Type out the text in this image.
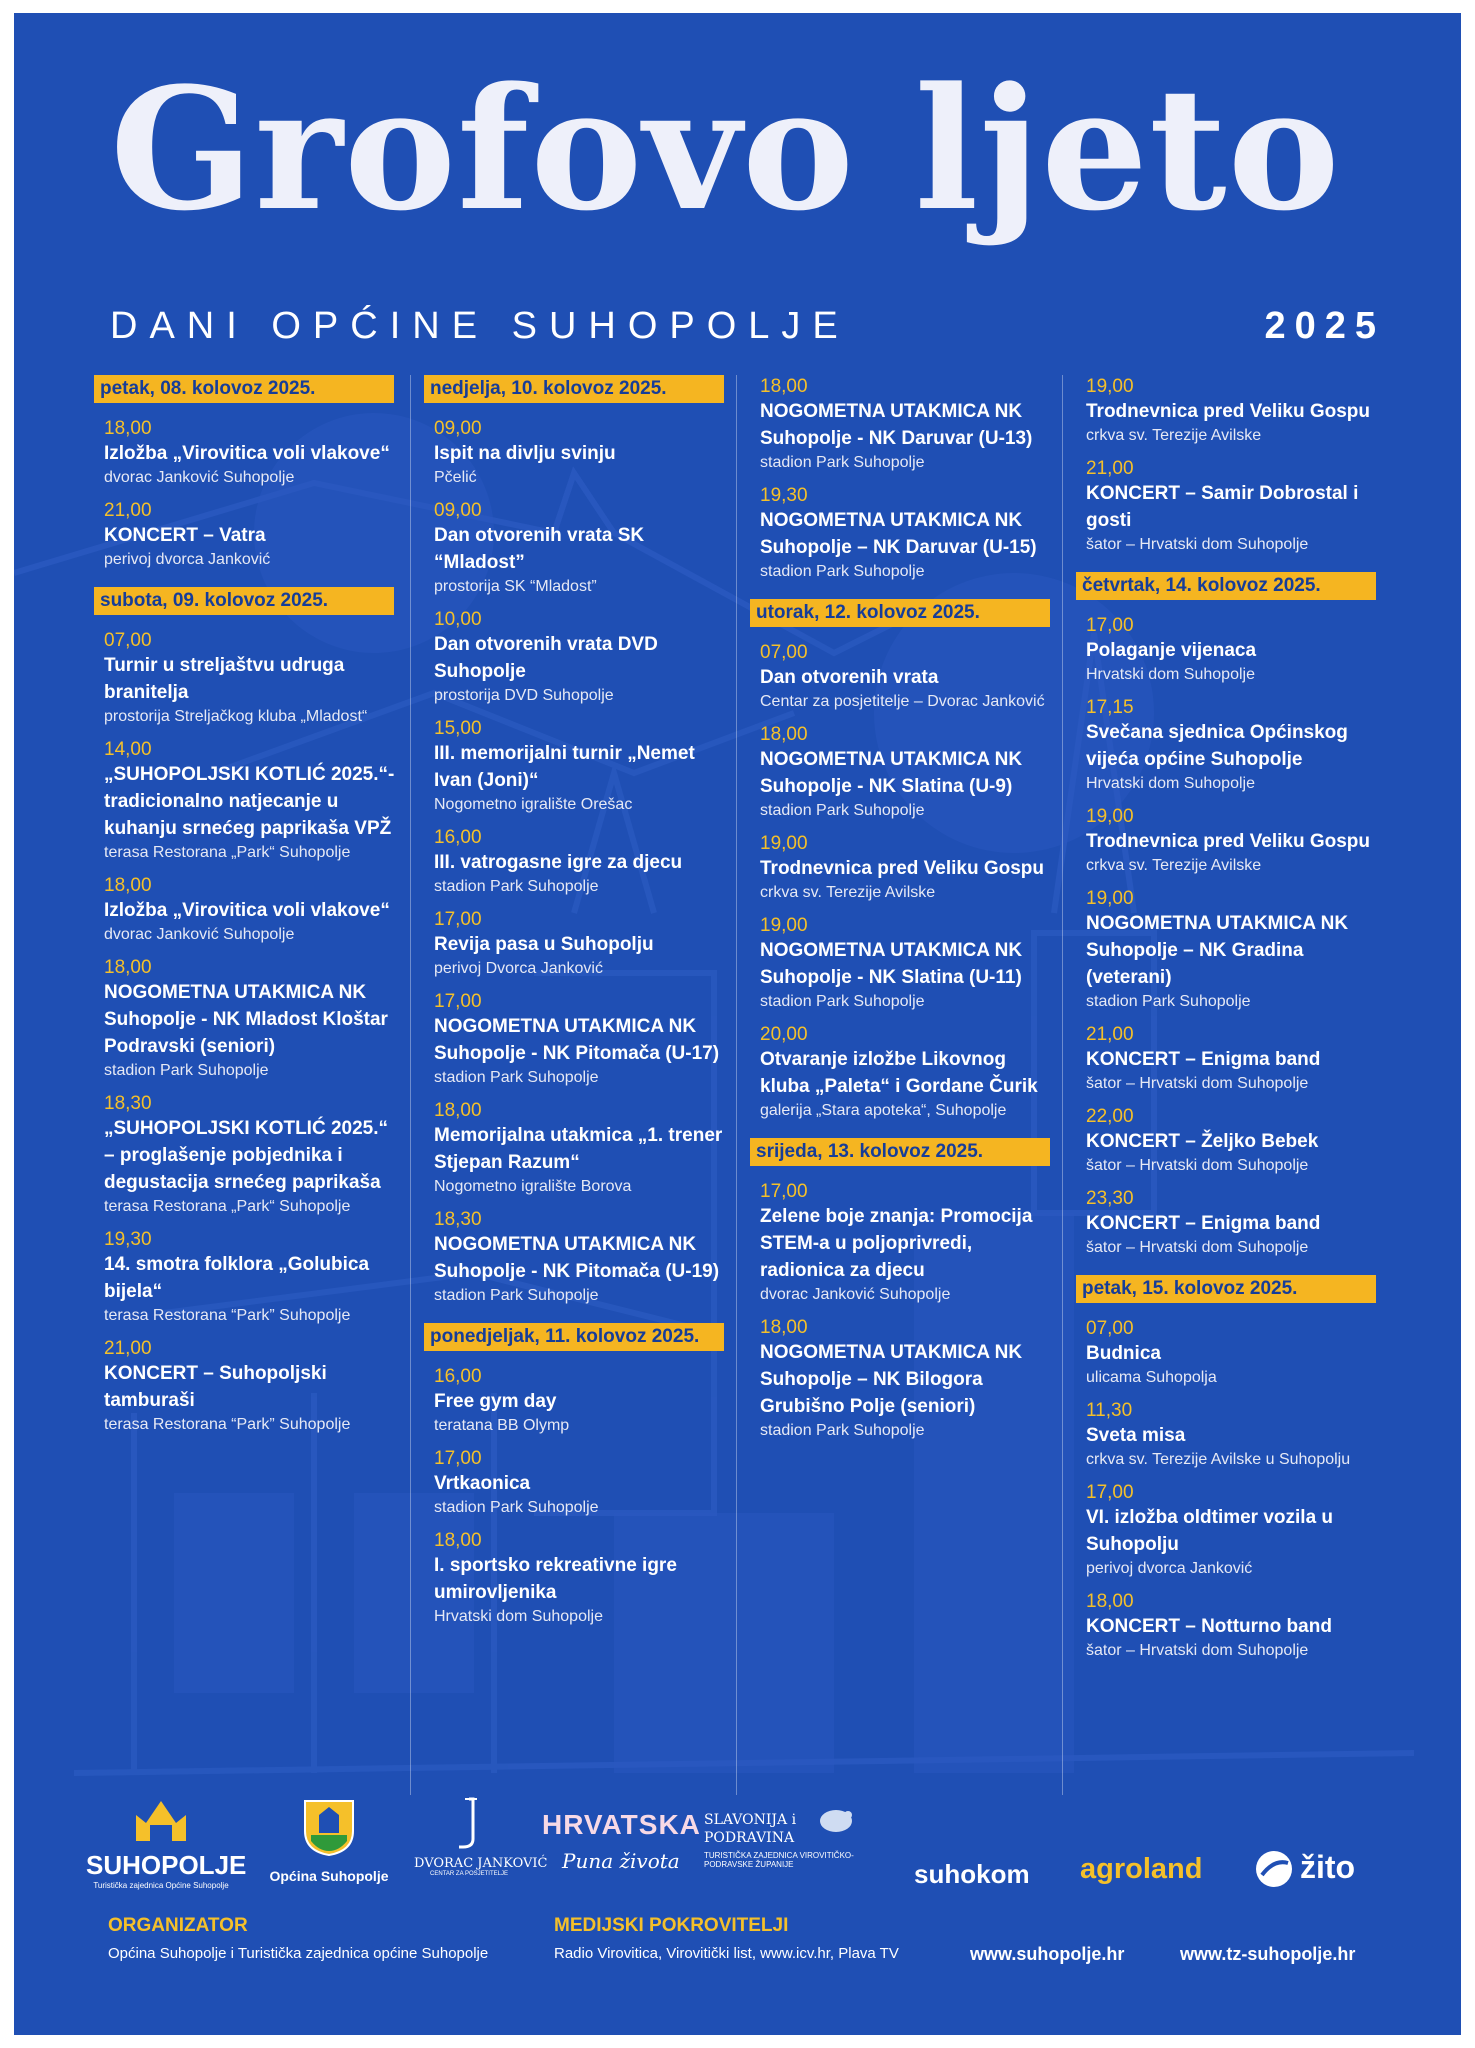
Grofovo ljeto
DANI OPĆINE SUHOPOLJE	2025
petak, 08. kolovoz 2025.
18,00
Izložba „Virovitica voli vlakove“
dvorac Janković Suhopolje
21,00
KONCERT – Vatra
perivoj dvorca Janković
subota, 09. kolovoz 2025.
07,00
Turnir u streljaštvu udruga branitelja
prostorija Streljačkog kluba „Mladost“
14,00
„SUHOPOLJSKI KOTLIĆ 2025.“- tradicionalno natjecanje u kuhanju srnećeg paprikaša VPŽ
terasa Restorana „Park“ Suhopolje
18,00
Izložba „Virovitica voli vlakove“
dvorac Janković Suhopolje
18,00
NOGOMETNA UTAKMICA NK Suhopolje - NK Mladost Kloštar Podravski (seniori)
stadion Park Suhopolje
18,30
„SUHOPOLJSKI KOTLIĆ 2025.“ – proglašenje pobjednika i degustacija srnećeg paprikaša
terasa Restorana „Park“ Suhopolje
19,30
14. smotra folklora „Golubica bijela“
terasa Restorana “Park” Suhopolje
21,00
KONCERT – Suhopoljski tamburaši
terasa Restorana “Park” Suhopolje
nedjelja, 10. kolovoz 2025.
09,00
Ispit na divlju svinju
Pčelić
09,00
Dan otvorenih vrata SK “Mladost”
prostorija SK “Mladost”
10,00
Dan otvorenih vrata DVD Suhopolje
prostorija DVD Suhopolje
15,00
III. memorijalni turnir „Nemet Ivan (Joni)“
Nogometno igralište Orešac
16,00
III. vatrogasne igre za djecu
stadion Park Suhopolje
17,00
Revija pasa u Suhopolju
perivoj Dvorca Janković
17,00
NOGOMETNA UTAKMICA NK Suhopolje - NK Pitomača (U-17)
stadion Park Suhopolje
18,00
Memorijalna utakmica „1. trener Stjepan Razum“
Nogometno igralište Borova
18,30
NOGOMETNA UTAKMICA NK Suhopolje - NK Pitomača (U-19)
stadion Park Suhopolje
ponedjeljak, 11. kolovoz 2025.
16,00
Free gym day
teratana BB Olymp
17,00
Vrtkaonica
stadion Park Suhopolje
18,00
I. sportsko rekreativne igre umirovljenika
Hrvatski dom Suhopolje
18,00
NOGOMETNA UTAKMICA NK Suhopolje - NK Daruvar (U-13)
stadion Park Suhopolje
19,30
NOGOMETNA UTAKMICA NK Suhopolje – NK Daruvar (U-15)
stadion Park Suhopolje
utorak, 12. kolovoz 2025.
07,00
Dan otvorenih vrata
Centar za posjetitelje – Dvorac Janković
18,00
NOGOMETNA UTAKMICA NK Suhopolje - NK Slatina (U-9)
stadion Park Suhopolje
19,00
Trodnevnica pred Veliku Gospu
crkva sv. Terezije Avilske
19,00
NOGOMETNA UTAKMICA NK Suhopolje - NK Slatina (U-11)
stadion Park Suhopolje
20,00
Otvaranje izložbe Likovnog kluba „Paleta“ i Gordane Čurik
galerija „Stara apoteka“, Suhopolje
srijeda, 13. kolovoz 2025.
17,00
Zelene boje znanja: Promocija STEM-a u poljoprivredi, radionica za djecu
dvorac Janković Suhopolje
18,00
NOGOMETNA UTAKMICA NK Suhopolje – NK Bilogora Grubišno Polje (seniori)
stadion Park Suhopolje
19,00
Trodnevnica pred Veliku Gospu
crkva sv. Terezije Avilske
21,00
KONCERT – Samir Dobrostal i gosti
šator – Hrvatski dom Suhopolje
četvrtak, 14. kolovoz 2025.
17,00
Polaganje vijenaca
Hrvatski dom Suhopolje
17,15
Svečana sjednica Općinskog vijeća općine Suhopolje
Hrvatski dom Suhopolje
19,00
Trodnevnica pred Veliku Gospu
crkva sv. Terezije Avilske
19,00
NOGOMETNA UTAKMICA NK Suhopolje – NK Gradina (veterani)
stadion Park Suhopolje
21,00
KONCERT – Enigma band
šator – Hrvatski dom Suhopolje
22,00
KONCERT – Željko Bebek
šator – Hrvatski dom Suhopolje
23,30
KONCERT – Enigma band
šator – Hrvatski dom Suhopolje
petak, 15. kolovoz 2025.
07,00
Budnica
ulicama Suhopolja
11,30
Sveta misa
crkva sv. Terezije Avilske u Suhopolju
17,00
VI. izložba oldtimer vozila u Suhopolju
perivoj dvorca Janković
18,00
KONCERT – Notturno band
šator – Hrvatski dom Suhopolje
SUHOPOLJE
Turistička zajednica Općine Suhopolje
Općina Suhopolje
DVORAC JANKOVIĆ
CENTAR ZA POSJETITELJE
HRVATSKA
Puna života
SLAVONIJA i PODRAVINA
TURISTIČKA ZAJEDNICA VIROVITIČKO-PODRAVSKE ŽUPANIJE	suhokom agroland	žito
ORGANIZATOR
Općina Suhopolje i Turistička zajednica općine Suhopolje
MEDIJSKI POKROVITELJI
Radio Virovitica, Virovitički list, www.icv.hr, Plava TV	www.suhopolje.hr	www.tz-suhopolje.hr
